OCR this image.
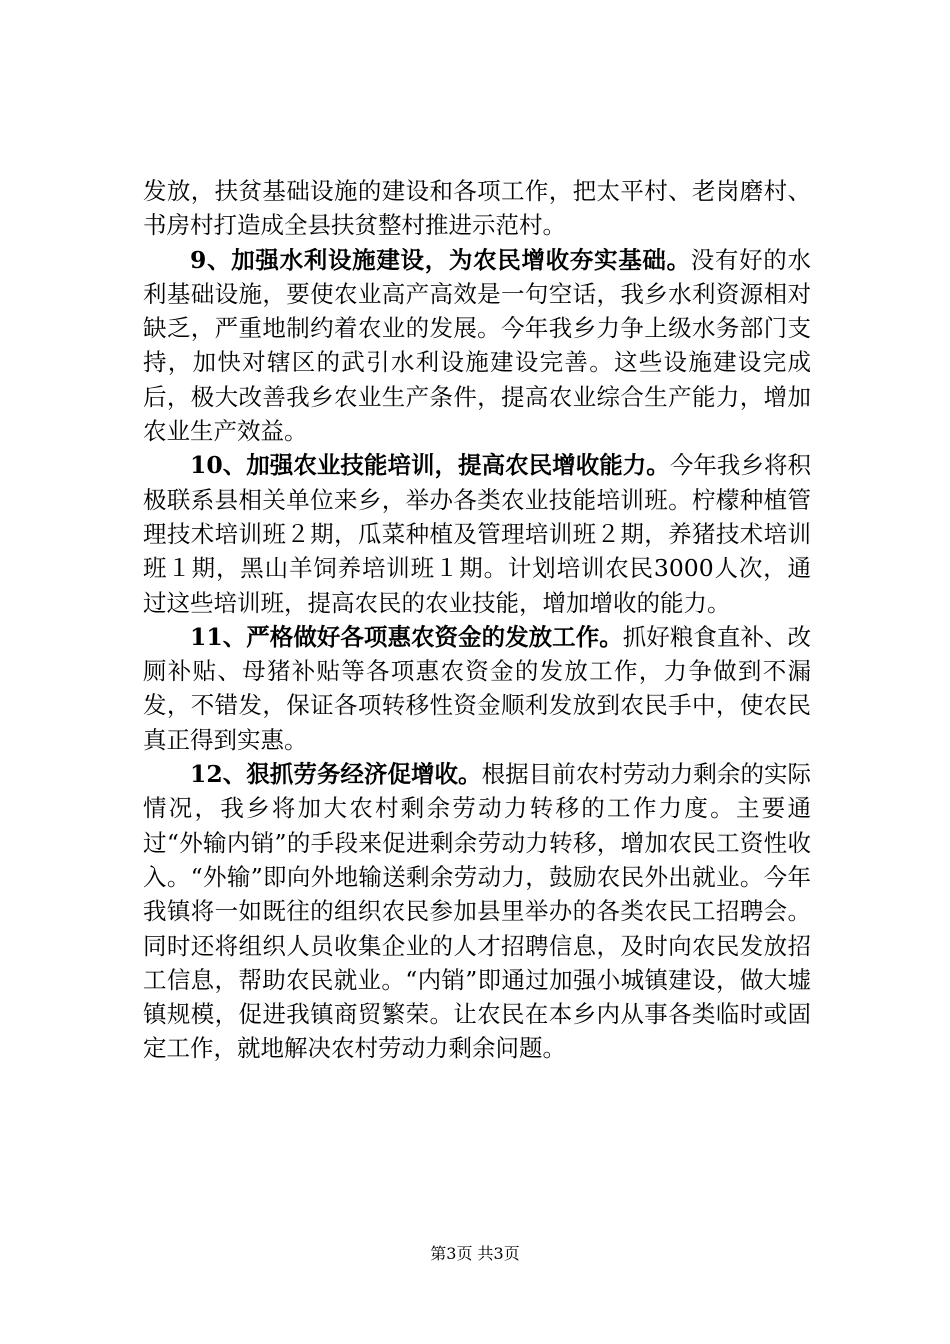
发放，扶贫基础设施的建设和各项工作，把太平村、老岗磨村、书房村打造成全县扶贫整村推进示范村。

9、加强水利设施建设，为农民增收夯实基础。没有好的水利基础设施，要使农业高产高效是一句空话，我乡水利资源相对缺乏，严重地制约着农业的发展。今年我乡力争上级水务部门支持，加快对辖区的武引水利设施建设完善。这些设施建设完成后，极大改善我乡农业生产条件，提高农业综合生产能力，增加农业生产效益。

10、加强农业技能培训，提高农民增收能力。今年我乡将积极联系县相关单位来乡，举办各类农业技能培训班。柠檬种植管理技术培训班２期，瓜菜种植及管理培训班２期，养猪技术培训班１期，黑山羊饲养培训班１期。计划培训农民3000人次，通过这些培训班，提高农民的农业技能，增加增收的能力。

11、严格做好各项惠农资金的发放工作。抓好粮食直补、改厕补贴、母猪补贴等各项惠农资金的发放工作，力争做到不漏发，不错发，保证各项转移性资金顺利发放到农民手中，使农民真正得到实惠。

12、狠抓劳务经济促增收。根据目前农村劳动力剩余的实际情况，我乡将加大农村剩余劳动力转移的工作力度。主要通过“外输内销”的手段来促进剩余劳动力转移，增加农民工资性收入。“外输”即向外地输送剩余劳动力，鼓励农民外出就业。今年我镇将一如既往的组织农民参加县里举办的各类农民工招聘会。同时还将组织人员收集企业的人才招聘信息，及时向农民发放招工信息，帮助农民就业。“内销”即通过加强小城镇建设，做大墟镇规模，促进我镇商贸繁荣。让农民在本乡内从事各类临时或固定工作，就地解决农村劳动力剩余问题。

第3页 共3页
